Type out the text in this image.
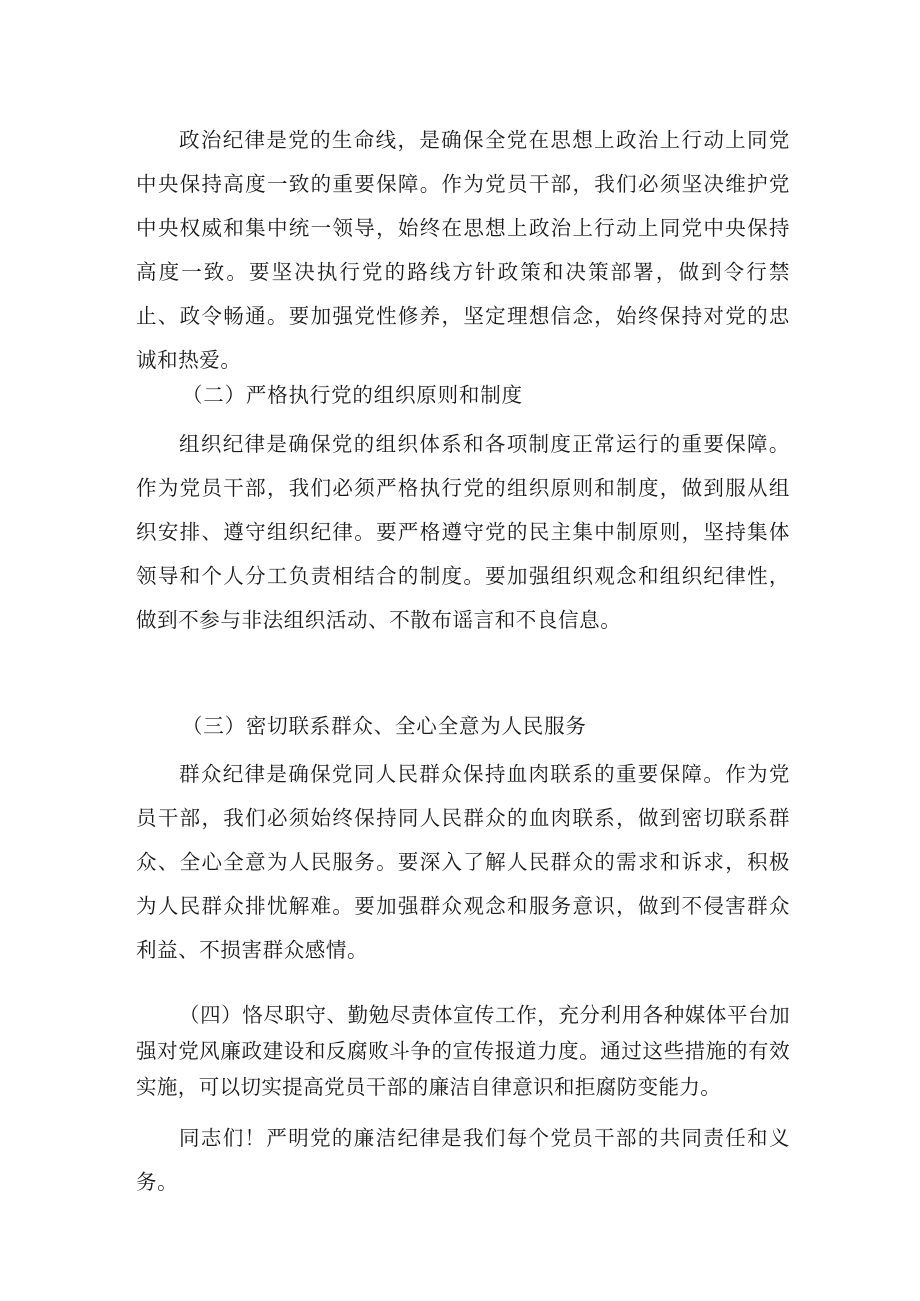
政治纪律是党的生命线，是确保全党在思想上政治上行动上同党中央保持高度一致的重要保障。作为党员干部，我们必须坚决维护党中央权威和集中统一领导，始终在思想上政治上行动上同党中央保持高度一致。要坚决执行党的路线方针政策和决策部署，做到令行禁止、政令畅通。要加强党性修养，坚定理想信念，始终保持对党的忠诚和热爱。

（二）严格执行党的组织原则和制度

组织纪律是确保党的组织体系和各项制度正常运行的重要保障。作为党员干部，我们必须严格执行党的组织原则和制度，做到服从组织安排、遵守组织纪律。要严格遵守党的民主集中制原则，坚持集体领导和个人分工负责相结合的制度。要加强组织观念和组织纪律性，做到不参与非法组织活动、不散布谣言和不良信息。

（三）密切联系群众、全心全意为人民服务

群众纪律是确保党同人民群众保持血肉联系的重要保障。作为党员干部，我们必须始终保持同人民群众的血肉联系，做到密切联系群众、全心全意为人民服务。要深入了解人民群众的需求和诉求，积极为人民群众排忧解难。要加强群众观念和服务意识，做到不侵害群众利益、不损害群众感情。

（四）恪尽职守、勤勉尽责体宣传工作，充分利用各种媒体平台加强对党风廉政建设和反腐败斗争的宣传报道力度。通过这些措施的有效实施，可以切实提高党员干部的廉洁自律意识和拒腐防变能力。

同志们！严明党的廉洁纪律是我们每个党员干部的共同责任和义务。
